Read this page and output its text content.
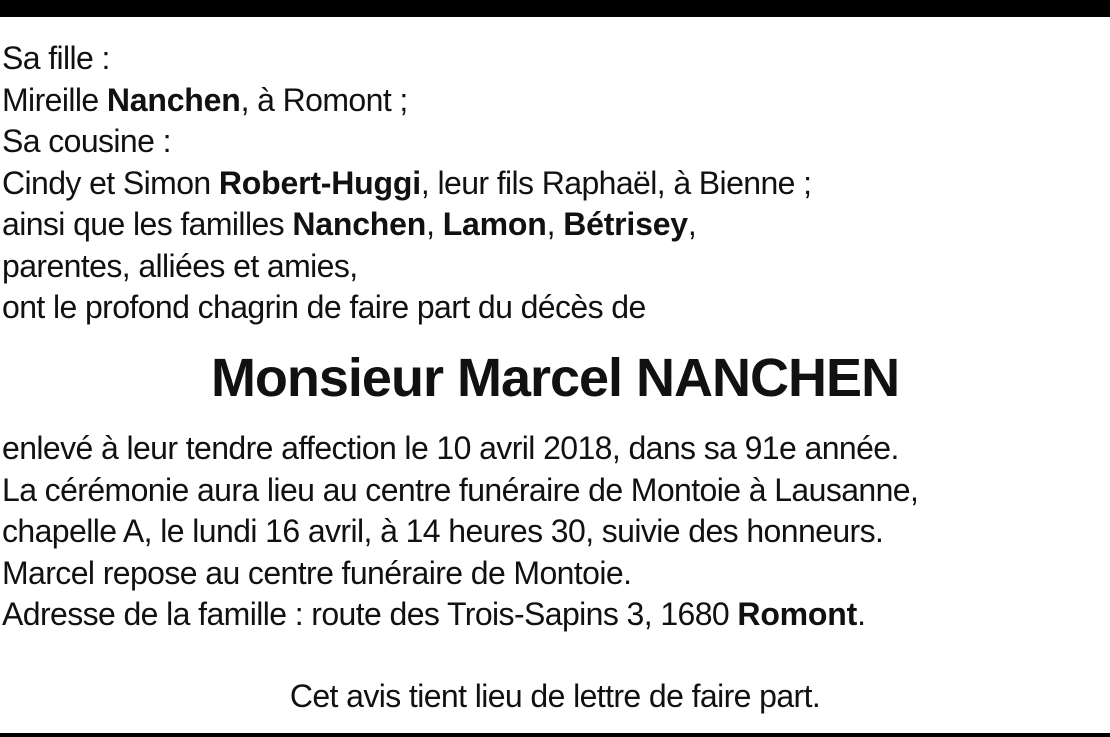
Sa fille :
Mireille Nanchen, à Romont ;
Sa cousine :
Cindy et Simon Robert-Huggi, leur fils Raphaël, à Bienne ;
ainsi que les familles Nanchen, Lamon, Bétrisey,
parentes, alliées et amies,
ont le profond chagrin de faire part du décès de
Monsieur Marcel NANCHEN
enlevé à leur tendre affection le 10 avril 2018, dans sa 91e année.
La cérémonie aura lieu au centre funéraire de Montoie à Lausanne,
chapelle A, le lundi 16 avril, à 14 heures 30, suivie des honneurs.
Marcel repose au centre funéraire de Montoie.
Adresse de la famille : route des Trois-Sapins 3, 1680 Romont.
Cet avis tient lieu de lettre de faire part.
